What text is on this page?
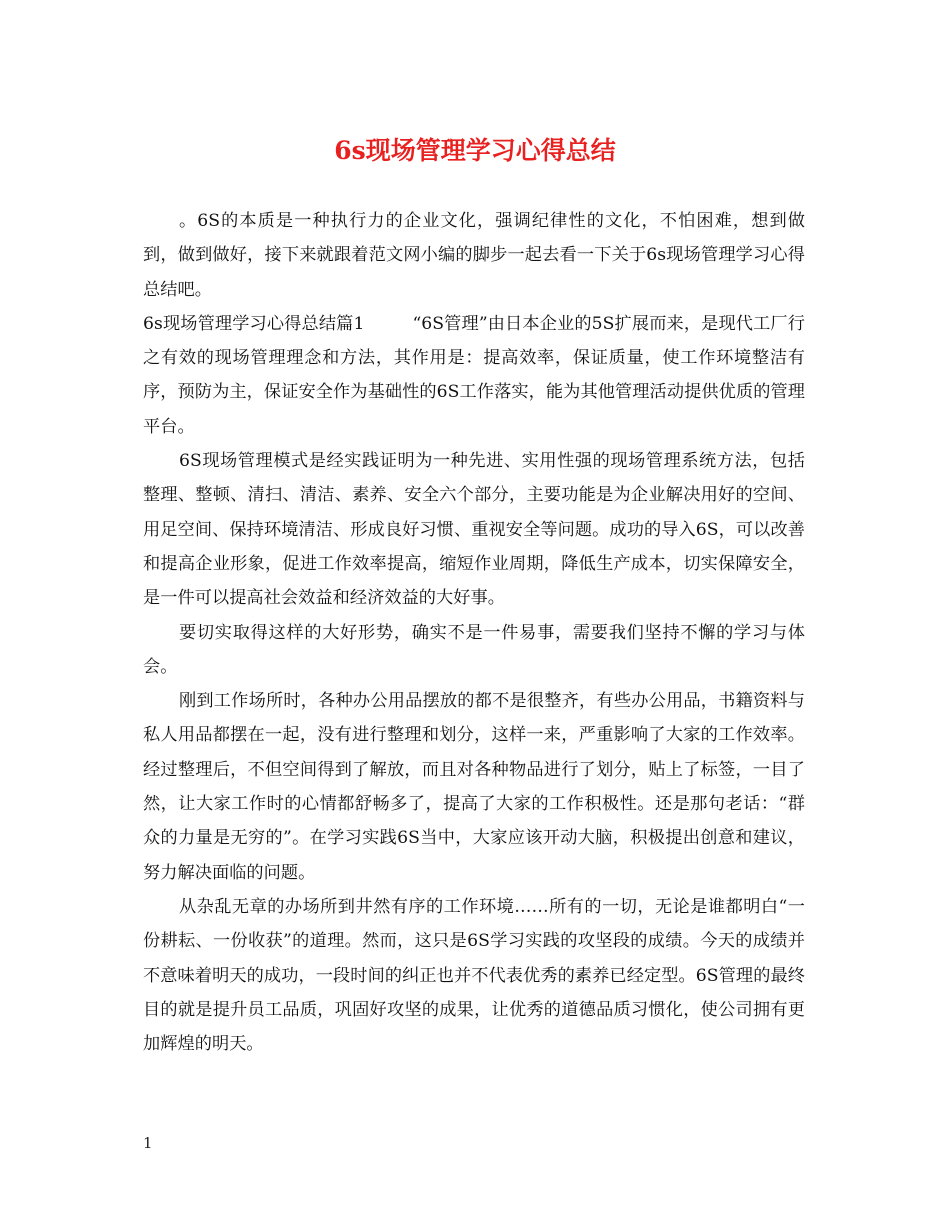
6s现场管理学习心得总结

。6S的本质是一种执行力的企业文化，强调纪律性的文化，不怕困难，想到做到，做到做好，接下来就跟着范文网小编的脚步一起去看一下关于6s现场管理学习心得总结吧。

6s现场管理学习心得总结篇1	“6S管理”由日本企业的5S扩展而来，是现代工厂行之有效的现场管理理念和方法，其作用是：提高效率，保证质量，使工作环境整洁有序，预防为主，保证安全作为基础性的6S工作落实，能为其他管理活动提供优质的管理平台。

6S现场管理模式是经实践证明为一种先进、实用性强的现场管理系统方法，包括整理、整顿、清扫、清洁、素养、安全六个部分，主要功能是为企业解决用好的空间、用足空间、保持环境清洁、形成良好习惯、重视安全等问题。成功的导入6S，可以改善和提高企业形象，促进工作效率提高，缩短作业周期，降低生产成本，切实保障安全，是一件可以提高社会效益和经济效益的大好事。

要切实取得这样的大好形势，确实不是一件易事，需要我们坚持不懈的学习与体会。

刚到工作场所时，各种办公用品摆放的都不是很整齐，有些办公用品，书籍资料与私人用品都摆在一起，没有进行整理和划分，这样一来，严重影响了大家的工作效率。经过整理后，不但空间得到了解放，而且对各种物品进行了划分，贴上了标签，一目了然，让大家工作时的心情都舒畅多了，提高了大家的工作积极性。还是那句老话：“群众的力量是无穷的”。在学习实践6S当中，大家应该开动大脑，积极提出创意和建议，努力解决面临的问题。

从杂乱无章的办场所到井然有序的工作环境……所有的一切，无论是谁都明白“一份耕耘、一份收获”的道理。然而，这只是6S学习实践的攻坚段的成绩。今天的成绩并不意味着明天的成功，一段时间的纠正也并不代表优秀的素养已经定型。6S管理的最终目的就是提升员工品质，巩固好攻坚的成果，让优秀的道德品质习惯化，使公司拥有更加辉煌的明天。

1
